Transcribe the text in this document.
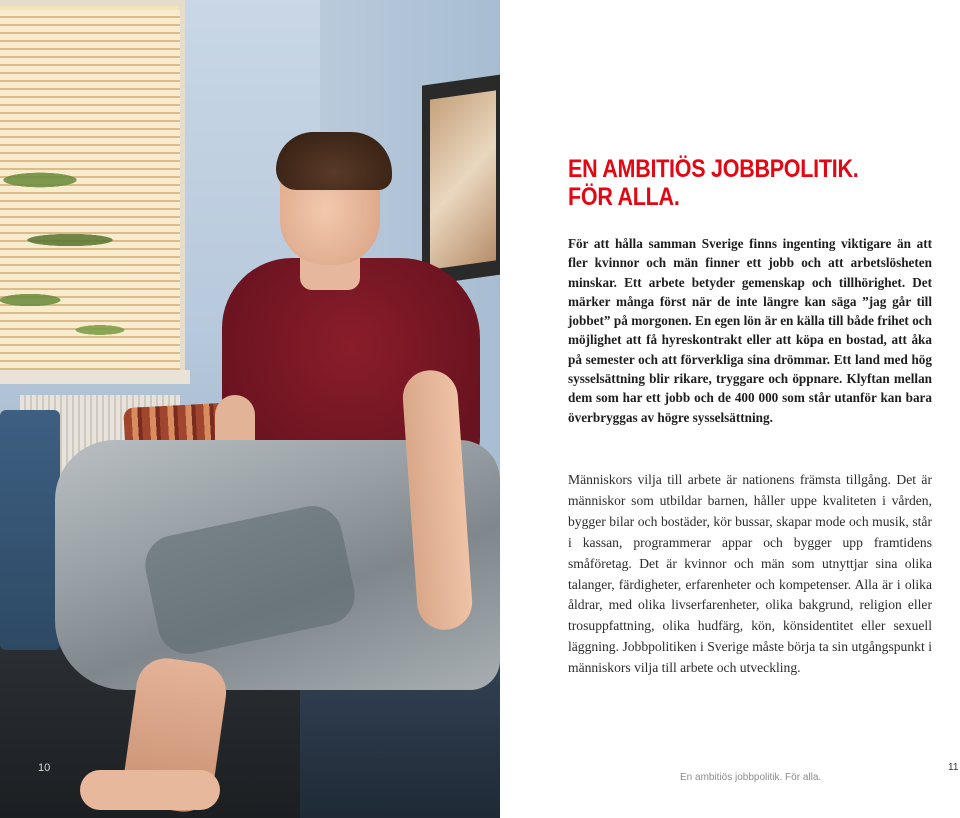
10
EN AMBITIÖS JOBBPOLITIK.
FÖR ALLA.

För att hålla samman Sverige finns ingenting viktigare än att fler kvinnor och män finner ett jobb och att arbetslösheten minskar. Ett arbete betyder gemenskap och tillhörighet. Det märker många först när de inte längre kan säga ”jag går till jobbet” på morgonen. En egen lön är en källa till både frihet och möjlighet att få hyreskontrakt eller att köpa en bostad, att åka på semester och att förverkliga sina drömmar. Ett land med hög sysselsättning blir rikare, tryggare och öppnare. Klyftan mellan dem som har ett jobb och de 400 000 som står utanför kan bara överbryggas av högre sysselsättning.

Människors vilja till arbete är nationens främsta tillgång. Det är människor som utbildar barnen, håller uppe kvaliteten i vården, bygger bilar och bostäder, kör bussar, skapar mode och musik, står i kassan, programmerar appar och bygger upp framtidens småföretag. Det är kvinnor och män som utnyttjar sina olika talanger, färdigheter, erfarenheter och kompetenser. Alla är i olika åldrar, med olika livserfarenheter, olika bakgrund, religion eller trosuppfattning, olika hudfärg, kön, könsidentitet eller sexuell läggning. Jobbpolitiken i Sverige måste börja ta sin utgångspunkt i människors vilja till arbete och utveckling.

En ambitiös jobbpolitik. För alla.
11
